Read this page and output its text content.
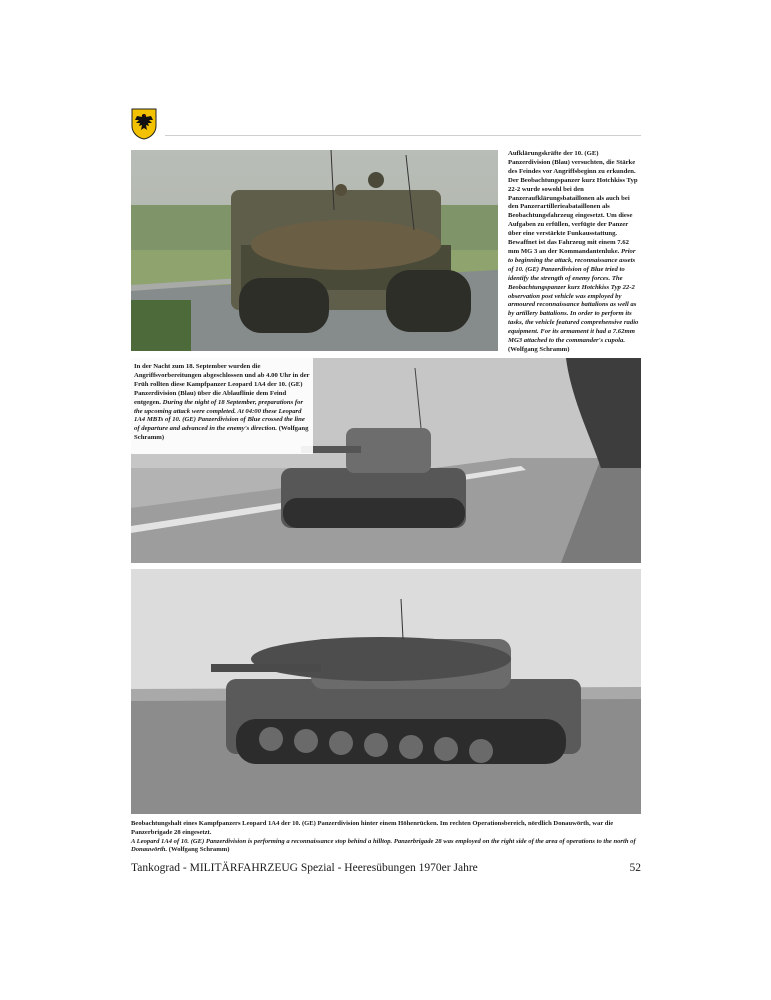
Aufklärungskräfte der 10. (GE) Panzerdivision (Blau) versuchten, die Stärke des Feindes vor Angriffsbeginn zu erkunden. Der Beobachtungspanzer kurz Hotchkiss Typ 22-2 wurde sowohl bei den Panzeraufklärungsbataillonen als auch bei den Panzerartillerieabataillonen als Beobachtungsfahrzeug eingesetzt. Um diese Aufgaben zu erfüllen, verfügte der Panzer über eine verstärkte Funkausstattung. Bewaffnet ist das Fahrzeug mit einem 7.62 mm MG 3 an der Kommandantenluke. Prior to beginning the attack, reconnaissance assets of 10. (GE) Panzerdivision of Blue tried to identify the strength of enemy forces. The Beobachtungspanzer kurz Hotchkiss Typ 22-2 observation post vehicle was employed by armoured reconnaissance battalions as well as by artillery battalions. In order to perform its tasks, the vehicle featured comprehensive radio equipment. For its armament it had a 7.62mm MG3 attached to the commander's cupola. (Wolfgang Schramm)
In der Nacht zum 18. September wurden die Angriffsvorbereitungen abgeschlossen und ab 4.00 Uhr in der Früh rollten diese Kampfpanzer Leopard 1A4 der 10. (GE) Panzerdivision (Blau) über die Ablauflinie dem Feind entgegen. During the night of 18 September, preparations for the upcoming attack were completed. At 04:00 these Leopard 1A4 MBTs of 10. (GE) Panzerdivision of Blue crossed the line of departure and advanced in the enemy's direction. (Wolfgang Schramm)
Beobachtungshalt eines Kampfpanzers Leopard 1A4 der 10. (GE) Panzerdivision hinter einem Höhenrücken. Im rechten Operationsbereich, nördlich Donauwörth, war die Panzerbrigade 28 eingesetzt.
A Leopard 1A4 of 10. (GE) Panzerdivision is performing a reconnaissance stop behind a hilltop. Panzerbrigade 28 was employed on the right side of the area of operations to the north of Donauwörth. (Wolfgang Schramm)
Tankograd - MILITÄRFAHRZEUG Spezial - Heeresübungen 1970er Jahre	52
